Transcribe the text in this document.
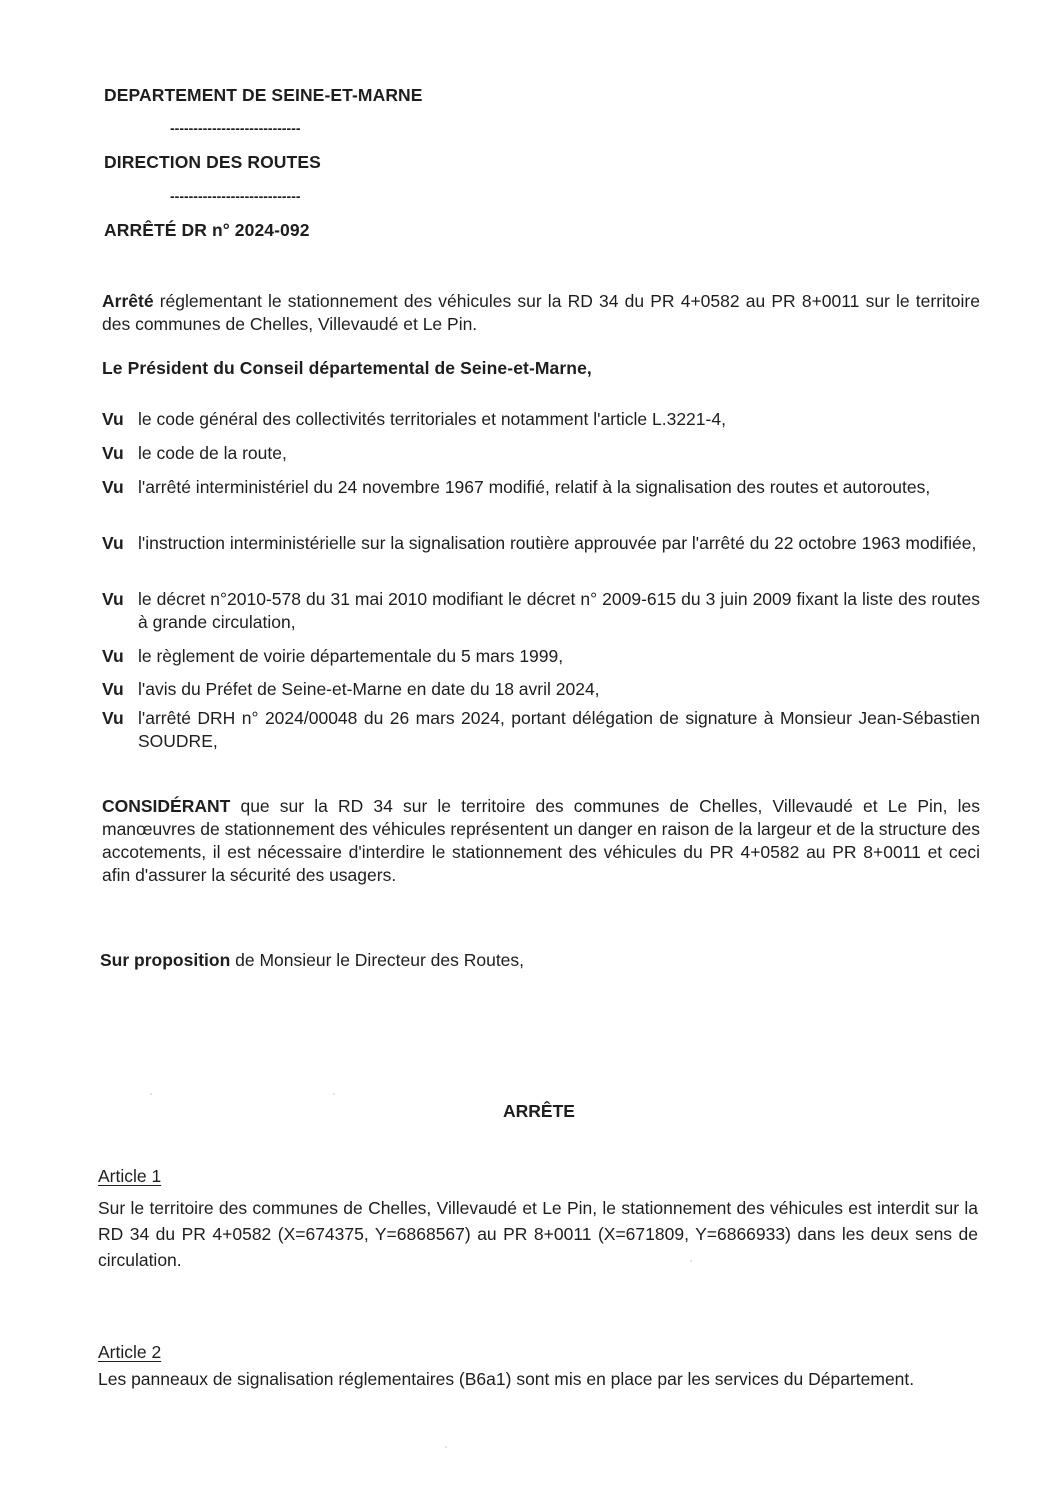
DEPARTEMENT DE SEINE-ET-MARNE
----------------------------
DIRECTION DES ROUTES
----------------------------
ARRÊTÉ DR n° 2024-092
Arrêté réglementant le stationnement des véhicules sur la RD 34 du PR 4+0582 au PR 8+0011 sur le territoire des communes de Chelles, Villevaudé et Le Pin.
Le Président du Conseil départemental de Seine-et-Marne,
Vu le code général des collectivités territoriales et notamment l'article L.3221-4,
Vu le code de la route,
Vu l'arrêté interministériel du 24 novembre 1967 modifié, relatif à la signalisation des routes et autoroutes,
Vu l'instruction interministérielle sur la signalisation routière approuvée par l'arrêté du 22 octobre 1963 modifiée,
Vu le décret n°2010-578 du 31 mai 2010 modifiant le décret n° 2009-615 du 3 juin 2009 fixant la liste des routes à grande circulation,
Vu le règlement de voirie départementale du 5 mars 1999,
Vu l'avis du Préfet de Seine-et-Marne en date du 18 avril 2024,
Vu l'arrêté DRH n° 2024/00048 du 26 mars 2024, portant délégation de signature à Monsieur Jean-Sébastien SOUDRE,
CONSIDÉRANT que sur la RD 34 sur le territoire des communes de Chelles, Villevaudé et Le Pin, les manœuvres de stationnement des véhicules représentent un danger en raison de la largeur et de la structure des accotements, il est nécessaire d'interdire le stationnement des véhicules du PR 4+0582 au PR 8+0011 et ceci afin d'assurer la sécurité des usagers.
Sur proposition de Monsieur le Directeur des Routes,
ARRÊTE
Article 1
Sur le territoire des communes de Chelles, Villevaudé et Le Pin, le stationnement des véhicules est interdit sur la RD 34 du PR 4+0582 (X=674375, Y=6868567) au PR 8+0011 (X=671809, Y=6866933) dans les deux sens de circulation.
Article 2
Les panneaux de signalisation réglementaires (B6a1) sont mis en place par les services du Département.
